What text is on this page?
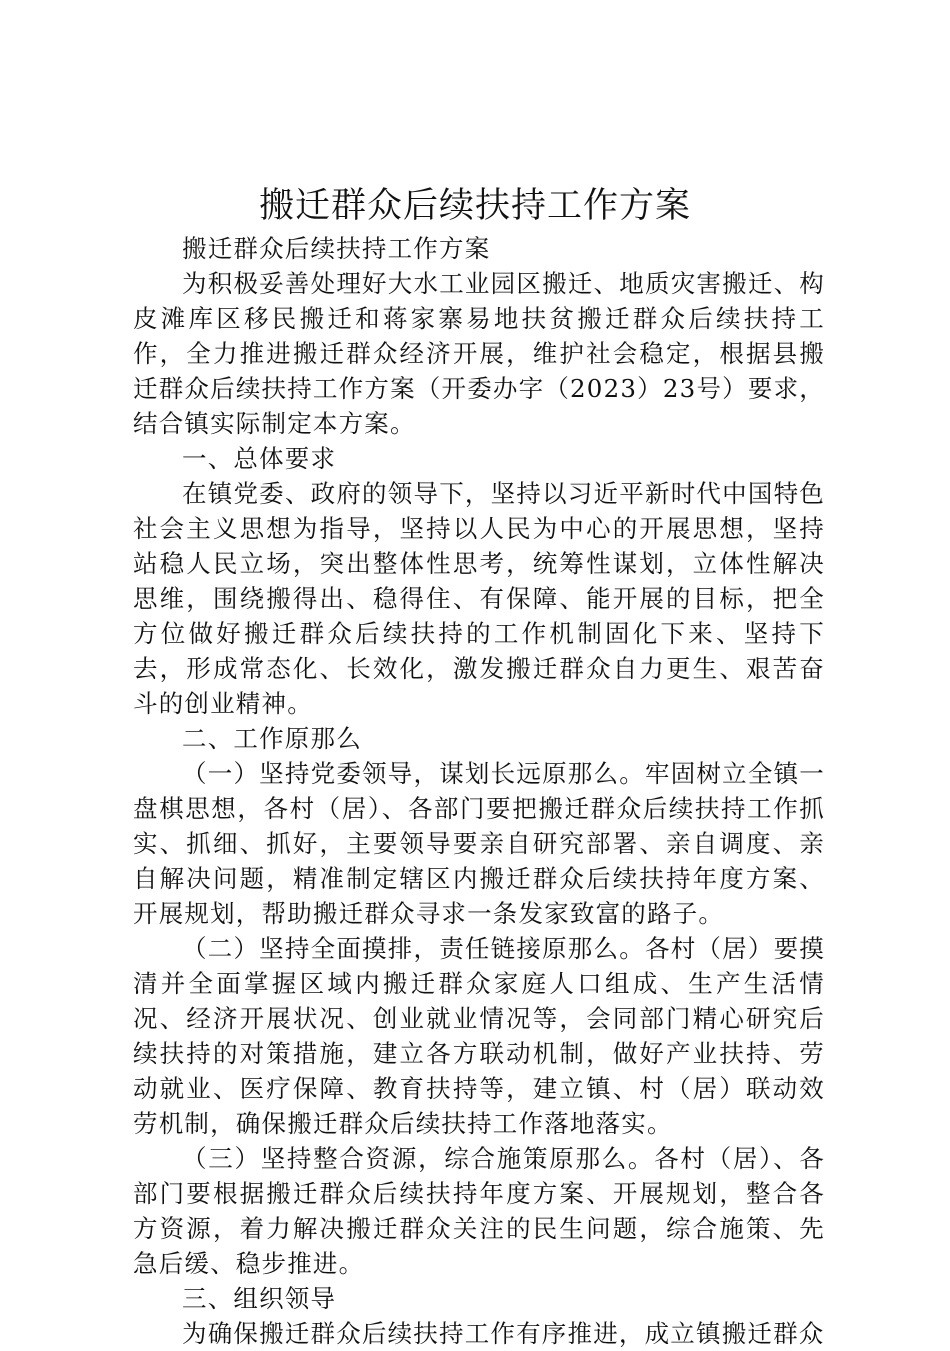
搬迁群众后续扶持工作方案

搬迁群众后续扶持工作方案

为积极妥善处理好大水工业园区搬迁、地质灾害搬迁、构皮滩库区移民搬迁和蒋家寨易地扶贫搬迁群众后续扶持工作，全力推进搬迁群众经济开展，维护社会稳定，根据县搬迁群众后续扶持工作方案（开委办字（2023）23号）要求，结合镇实际制定本方案。

一、总体要求

在镇党委、政府的领导下，坚持以习近平新时代中国特色社会主义思想为指导，坚持以人民为中心的开展思想，坚持站稳人民立场，突出整体性思考，统筹性谋划，立体性解决思维，围绕搬得出、稳得住、有保障、能开展的目标，把全方位做好搬迁群众后续扶持的工作机制固化下来、坚持下去，形成常态化、长效化，激发搬迁群众自力更生、艰苦奋斗的创业精神。

二、工作原那么

（一）坚持党委领导，谋划长远原那么。牢固树立全镇一盘棋思想，各村（居）、各部门要把搬迁群众后续扶持工作抓实、抓细、抓好，主要领导要亲自研究部署、亲自调度、亲自解决问题，精准制定辖区内搬迁群众后续扶持年度方案、开展规划，帮助搬迁群众寻求一条发家致富的路子。

（二）坚持全面摸排，责任链接原那么。各村（居）要摸清并全面掌握区域内搬迁群众家庭人口组成、生产生活情况、经济开展状况、创业就业情况等，会同部门精心研究后续扶持的对策措施，建立各方联动机制，做好产业扶持、劳动就业、医疗保障、教育扶持等，建立镇、村（居）联动效劳机制，确保搬迁群众后续扶持工作落地落实。

（三）坚持整合资源，综合施策原那么。各村（居）、各部门要根据搬迁群众后续扶持年度方案、开展规划，整合各方资源，着力解决搬迁群众关注的民生问题，综合施策、先急后缓、稳步推进。

三、组织领导

为确保搬迁群众后续扶持工作有序推进，成立镇搬迁群众
